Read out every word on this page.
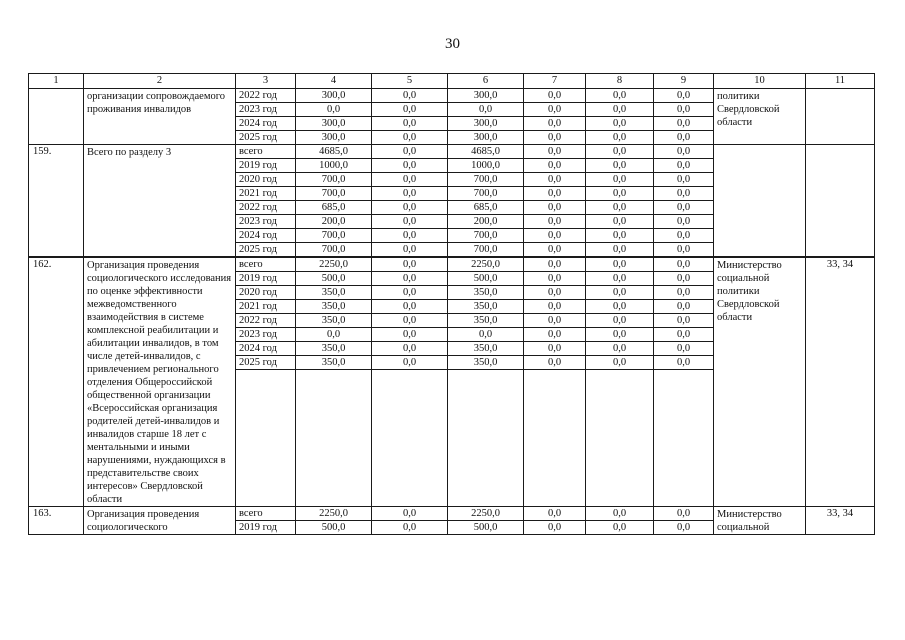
30
1	2	3	4	5	6	7	8	9	10	11
	организации сопровождаемого проживания инвалидов	2022 год	300,0	0,0	300,0	0,0	0,0	0,0	политики Свердловской области	
		2023 год	0,0	0,0	0,0	0,0	0,0	0,0		
		2024 год	300,0	0,0	300,0	0,0	0,0	0,0		
		2025 год	300,0	0,0	300,0	0,0	0,0	0,0		
159.	Всего по разделу 3	всего	4685,0	0,0	4685,0	0,0	0,0	0,0		
		2019 год	1000,0	0,0	1000,0	0,0	0,0	0,0		
		2020 год	700,0	0,0	700,0	0,0	0,0	0,0		
		2021 год	700,0	0,0	700,0	0,0	0,0	0,0		
		2022 год	685,0	0,0	685,0	0,0	0,0	0,0		
		2023 год	200,0	0,0	200,0	0,0	0,0	0,0		
		2024 год	700,0	0,0	700,0	0,0	0,0	0,0		
		2025 год	700,0	0,0	700,0	0,0	0,0	0,0		
162.	Организация проведения социологического исследования по оценке эффективности межведомственного взаимодействия в системе комплексной реабилитации и абилитации инвалидов, в том числе детей-инвалидов, с привлечением регионального отделения Общероссийской общественной организации «Всероссийская организация родителей детей-инвалидов и инвалидов старше 18 лет с ментальными и иными нарушениями, нуждающихся в представительстве своих интересов» Свердловской области	всего	2250,0	0,0	2250,0	0,0	0,0	0,0	Министерство социальной политики Свердловской области	33, 34
		2019 год	500,0	0,0	500,0	0,0	0,0	0,0		
		2020 год	350,0	0,0	350,0	0,0	0,0	0,0		
		2021 год	350,0	0,0	350,0	0,0	0,0	0,0		
		2022 год	350,0	0,0	350,0	0,0	0,0	0,0		
		2023 год	0,0	0,0	0,0	0,0	0,0	0,0		
		2024 год	350,0	0,0	350,0	0,0	0,0	0,0		
		2025 год	350,0	0,0	350,0	0,0	0,0	0,0		

163.	Организация проведения социологического	всего	2250,0	0,0	2250,0	0,0	0,0	0,0	Министерство социальной	33, 34
		2019 год	500,0	0,0	500,0	0,0	0,0	0,0		
